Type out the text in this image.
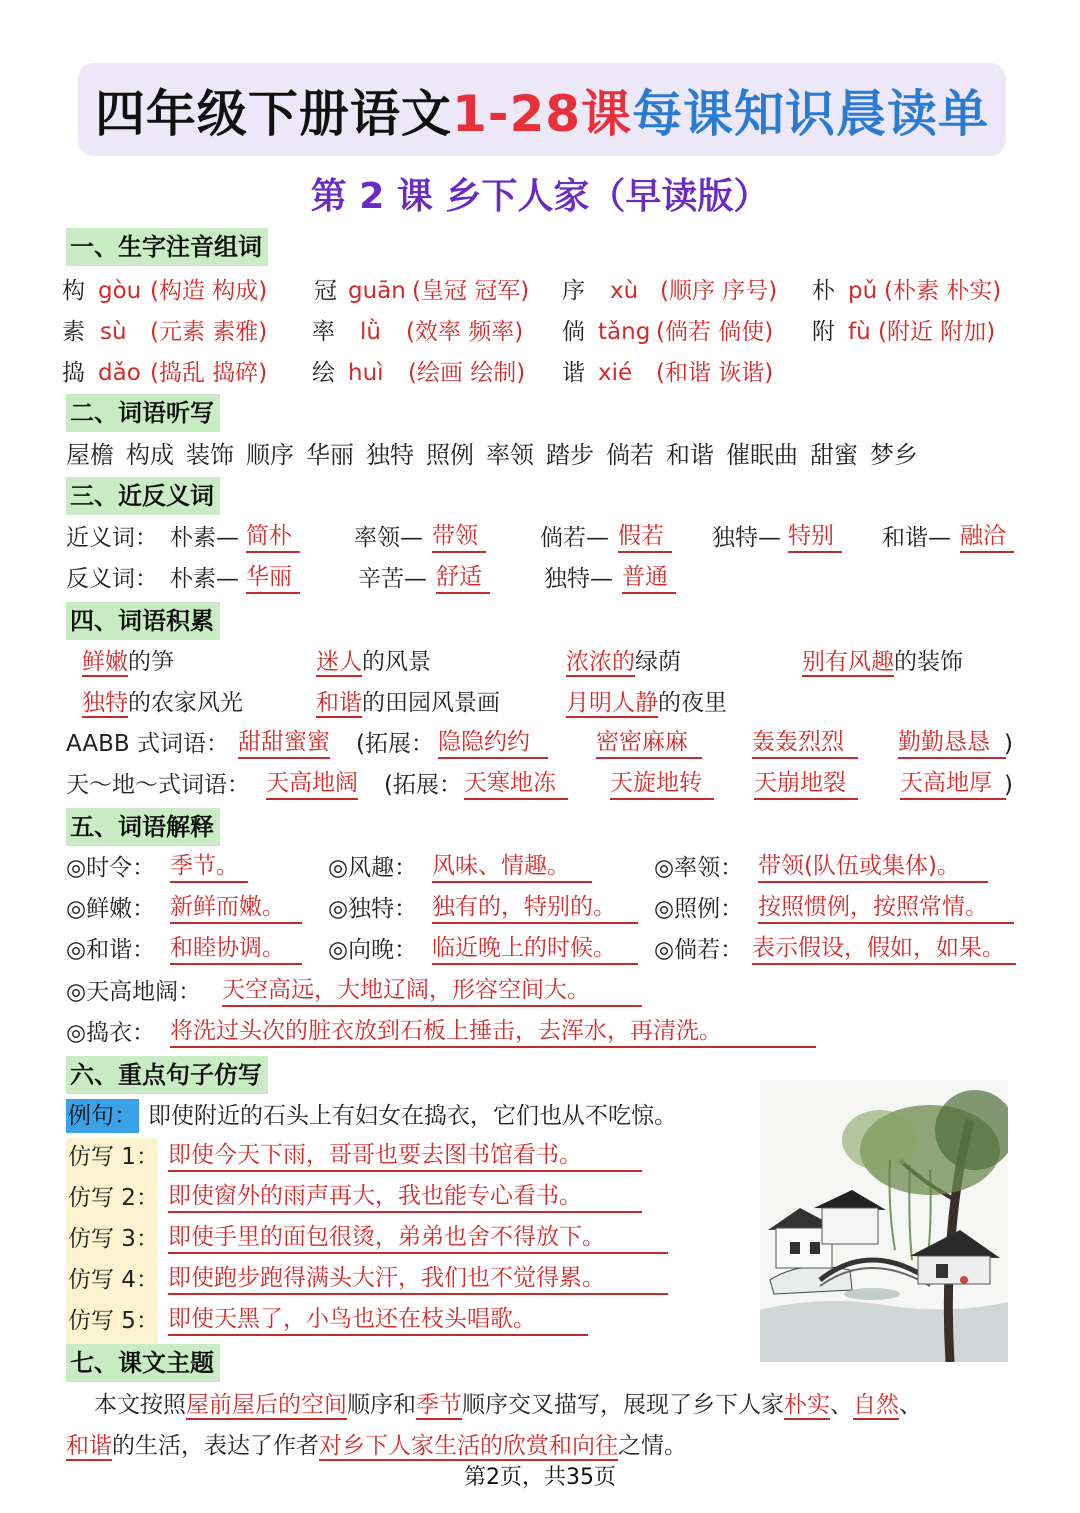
四年级下册语文 1-28课 每课知识晨读单
第 2 课 乡下人家（早读版）
一、生字注音组词
构 gòu (构造 构成) 冠 guān (皇冠 冠军) 序 xù (顺序 序号) 朴 pǔ (朴素 朴实)
素 sù (元素 素雅) 率 lǜ (效率 频率) 倘 tǎng (倘若 倘使) 附 fù (附近 附加)
捣 dǎo (捣乱 捣碎) 绘 huì (绘画 绘制) 谐 xié (和谐 诙谐)
二、词语听写
屋檐 构成 装饰 顺序 华丽 独特 照例 率领 踏步 倘若 和谐 催眠曲 甜蜜 梦乡
三、近反义词
近义词： 朴素— 简朴	率领— 带领	倘若— 假若	独特— 特别	和谐— 融洽
反义词： 朴素— 华丽	辛苦— 舒适	独特— 普通
四、词语积累
鲜嫩的笋	迷人的风景	浓浓的绿荫	别有风趣的装饰
独特的农家风光	和谐的田园风景画	月明人静的夜里
AABB 式词语： 甜甜蜜蜜 (拓展： 隐隐约约	密密麻麻	轰轰烈烈	勤勤恳恳 )
天～地～式词语： 天高地阔 (拓展： 天寒地冻	天旋地转	天崩地裂	天高地厚 )
五、词语解释
◎时令： 季节。	◎风趣： 风味、情趣。	◎率领： 带领(队伍或集体)。
◎鲜嫩： 新鲜而嫩。	◎独特： 独有的，特别的。	◎照例： 按照惯例，按照常情。
◎和谐： 和睦协调。	◎向晚： 临近晚上的时候。	◎倘若： 表示假设，假如，如果。
◎天高地阔： 天空高远，大地辽阔，形容空间大。
◎捣衣： 将洗过头次的脏衣放到石板上捶击，去浑水，再清洗。
六、重点句子仿写
例句： 即使附近的石头上有妇女在捣衣，它们也从不吃惊。
仿写 1： 即使今天下雨，哥哥也要去图书馆看书。
仿写 2： 即使窗外的雨声再大，我也能专心看书。
仿写 3： 即使手里的面包很烫，弟弟也舍不得放下。
仿写 4： 即使跑步跑得满头大汗，我们也不觉得累。
仿写 5： 即使天黑了，小鸟也还在枝头唱歌。
七、课文主题
本文按照屋前屋后的空间顺序和季节顺序交叉描写，展现了乡下人家朴实、自然、
和谐的生活，表达了作者对乡下人家生活的欣赏和向往之情。
第2页，共35页
